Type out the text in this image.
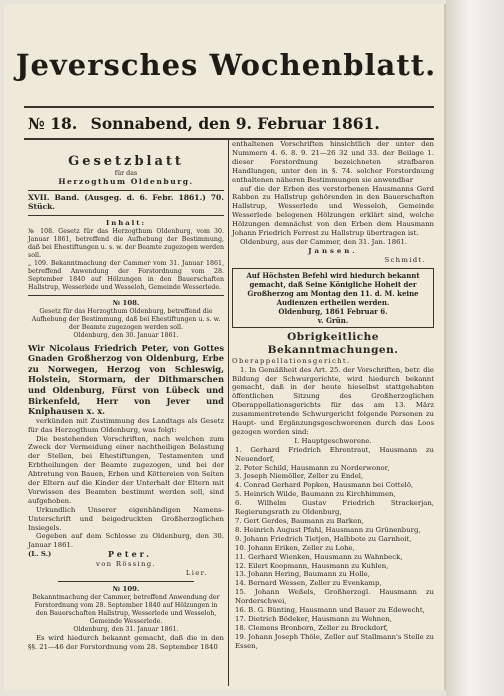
Jeversches Wochenblatt.
№ 18. Sonnabend, den 9. Februar 1861.
Gesetzblatt
für das
Herzogthum Oldenburg.
XVII. Band. (Ausgeg. d. 6. Febr. 1861.) 70. Stück.
Inhalt:

№ 108. Gesetz für das Herzogthum Oldenburg, vom 30. Januar 1861, betreffend die Aufhebung der Bestimmung, daß bei Ehestiftungen u. s. w. der Beamte zugezogen werden soll.

„ 109. Bekanntmachung der Cammer vom 31. Januar 1861, betreffend Anwendung der Forstordnung vom 28. September 1840 auf Hölzungen in den Bauerschaften Hallstrup, Wesserlede und Wesseloh, Gemeinde Wesserlede.

№ 108.

Gesetz für das Herzogthum Oldenburg, betreffend die Aufhebung der Bestimmung, daß bei Ehestiftungen u. s. w. der Beamte zugezogen werden soll.

Oldenburg, den 30. Januar 1861.

Wir Nicolaus Friedrich Peter, von Gottes Gnaden Großherzog von Oldenburg, Erbe zu Norwegen, Herzog von Schleswig, Holstein, Stormarn, der Dithmarschen und Oldenburg, Fürst von Lübeck und Birkenfeld, Herr von Jever und Kniphausen x. x.

verkünden mit Zustimmung des Landtags als Gesetz für das Herzogthum Oldenburg, was folgt:

Die bestehenden Vorschriften, nach welchen zum Zweck der Vermeidung einer nachtheiligen Belastung der Stellen, bei Ehestiftungen, Testamenten und Erbtheilungen der Beamte zugezogen, und bei der Abtretung von Bauen, Erben und Köttereien von Seiten der Eltern auf die Kinder der Unterhalt der Eltern mit Vorwissen des Beamten bestimmt werden soll, sind aufgehoben.

Urkundlich Unserer eigenhändigen Namens-Unterschrift und beigedruckten Großherzoglichen Insiegels.

Gegeben auf dem Schlosse zu Oldenburg, den 30. Januar 1861.

(L. S.)	Peter.
von Rössing.
Lier.
№ 109.

Bekanntmachung der Cammer, betreffend Anwendung der Forstordnung vom 28. September 1840 auf Hölzungen in den Bauerschaften Hallstrup, Wesserlede und Wesseloh, Gemeinde Wesserlede.

Oldenburg, den 31. Januar 1861.

Es wird hiedurch bekannt gemacht, daß die in den §§. 21—46 der Forstordnung vom 28. September 1840

enthaltenen Vorschriften hinsichtlich der unter den Nummern 4. 6. 8. 9. 21—26 32 und 33. der Beilage 1. dieser Forstordnung bezeichneten strafbaren Handlungen, unter den in §. 74. solcher Forstordnung enthaltenen näheren Bestimmungen sie anwendbar

auf die der Erben des verstorbenen Hausmanns Gerd Rabben zu Hallstrup gehörenden in den Bauerschaften Hallstrup, Wesserlede und Wesseloh, Gemeinde Wesserlede belegenen Hölzungen erklärt sind, welche Hölzungen demnächst von den Erben dem Hausmann Johann Friedrich Ferrest zu Hallstrup übertragen ist.

Oldenburg, aus der Cammer, den 31. Jan. 1861.

Jansen.
Schmidt.

Auf Höchsten Befehl wird hiedurch bekannt gemacht, daß Seine Königliche Hoheit der Großherzog am Montag den 11. d. M. keine Audienzen ertheilen werden.

Oldenburg, 1861 Februar 6.

v. Grün.

Obrigkeitliche Bekanntmachungen.
Oberappellationsgericht.

1. In Gemäßheit des Art. 25. der Vorschriften, betr. die Bildung der Schwurgerichte, wird hiedurch bekannt gemacht, daß in der heute hieselbst stattgehabten öffentlichen Sitzung des Großherzoglichen Oberappellationsgerichts für das am 13. März zusammentretende Schwurgericht folgende Personen zu Haupt- und Ergänzungsgeschworenen durch das Loos gezogen worden sind:

I. Hauptgeschworene.
1. Gerhard Friedrich Ehrentraut, Hausmann zu Neuendorf,
2. Peter Schild, Hausmann zu Norderwonor,
3. Joseph Niemöller, Zeller zu Endel,
4. Conrad Gerhard Popken, Hausmann bei Cottelö,
5. Heinrich Wilde, Baumann zu Kirchhimmen,
6. Wilhelm Gustav Friedrich Strackerjan, Regierungsrath zu Oldenburg,
7. Gert Gerdes, Baumann zu Barken,
8. Heinrich August Pfahl, Hausmann zu Grünenburg,
9. Johann Friedrich Tietjen, Halbbote zu Garnhoit,
10. Johann Eriken, Zeller zu Lohe,
11. Gerhard Wienken, Hausmann zu Wahnbeck,
12. Eilert Koopmann, Hausmann zu Kuhlen,
13. Johann Hering, Baumann zu Holle,
14. Bernard Wessen, Zeller zu Evenkamp,
15. Johann Weßels, Großherzogl. Hausmann zu Norderschwei,
16. B. G. Bünting, Hausmann und Bauer zu Edewecht,
17. Dietrich Bödeker, Hausmann zu Wehnen,
18. Clemens Bronborn, Zeller zu Brockdorf,
19. Johann Joseph Thöle, Zeller auf Stallmann's Stelle zu Essen,
